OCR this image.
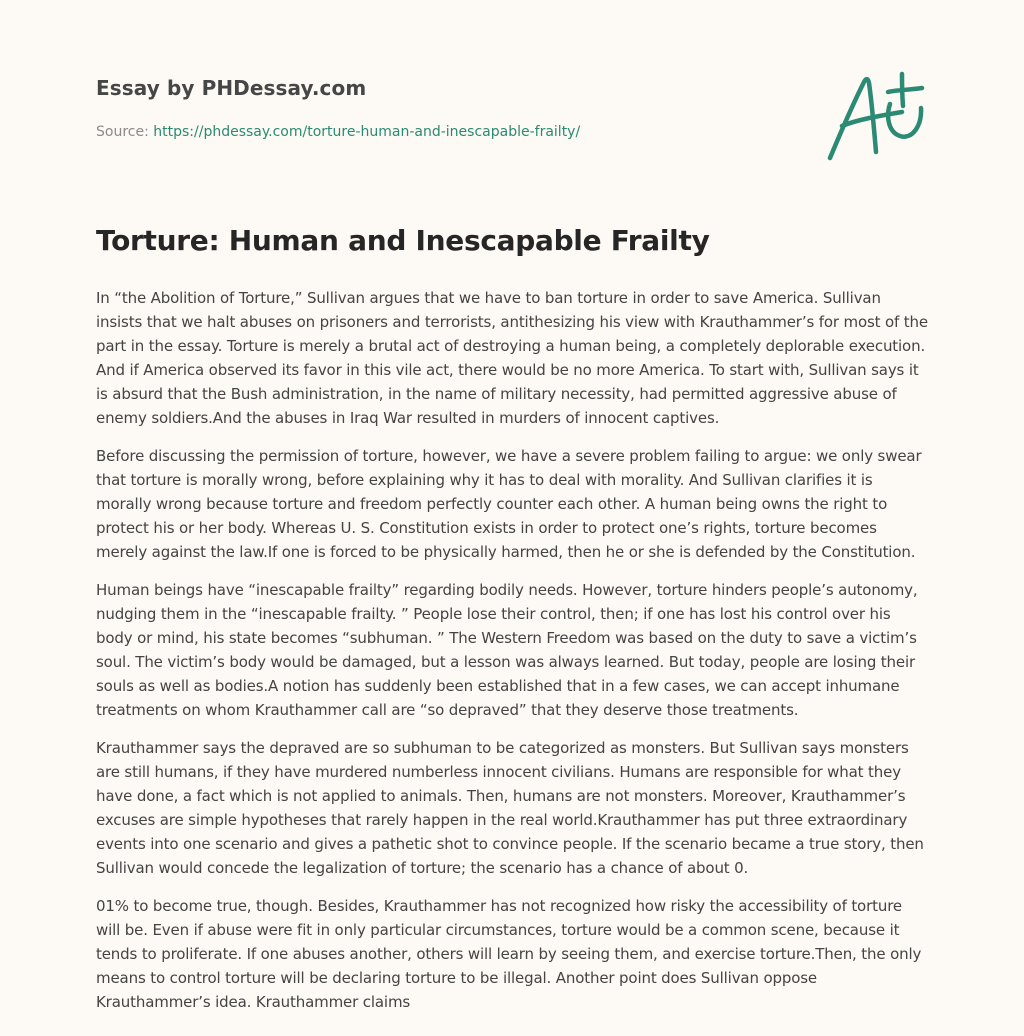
Essay by PHDessay.com
Source: https://phdessay.com/torture-human-and-inescapable-frailty/
Torture: Human and Inescapable Frailty

In “the Abolition of Torture,” Sullivan argues that we have to ban torture in order to save America. Sullivan insists that we halt abuses on prisoners and terrorists, antithesizing his view with Krauthammer’s for most of the part in the essay. Torture is merely a brutal act of destroying a human being, a completely deplorable execution. And if America observed its favor in this vile act, there would be no more America. To start with, Sullivan says it is absurd that the Bush administration, in the name of military necessity, had permitted aggressive abuse of enemy soldiers.And the abuses in Iraq War resulted in murders of innocent captives.

Before discussing the permission of torture, however, we have a severe problem failing to argue: we only swear that torture is morally wrong, before explaining why it has to deal with morality. And Sullivan clarifies it is morally wrong because torture and freedom perfectly counter each other. A human being owns the right to protect his or her body. Whereas U. S. Constitution exists in order to protect one’s rights, torture becomes merely against the law.If one is forced to be physically harmed, then he or she is defended by the Constitution.

Human beings have “inescapable frailty” regarding bodily needs. However, torture hinders people’s autonomy, nudging them in the “inescapable frailty. ” People lose their control, then; if one has lost his control over his body or mind, his state becomes “subhuman. ” The Western Freedom was based on the duty to save a victim’s soul. The victim’s body would be damaged, but a lesson was always learned. But today, people are losing their souls as well as bodies.A notion has suddenly been established that in a few cases, we can accept inhumane treatments on whom Krauthammer call are “so depraved” that they deserve those treatments.

Krauthammer says the depraved are so subhuman to be categorized as monsters. But Sullivan says monsters are still humans, if they have murdered numberless innocent civilians. Humans are responsible for what they have done, a fact which is not applied to animals. Then, humans are not monsters. Moreover, Krauthammer’s excuses are simple hypotheses that rarely happen in the real world.Krauthammer has put three extraordinary events into one scenario and gives a pathetic shot to convince people. If the scenario became a true story, then Sullivan would concede the legalization of torture; the scenario has a chance of about 0.

01% to become true, though. Besides, Krauthammer has not recognized how risky the accessibility of torture will be. Even if abuse were fit in only particular circumstances, torture would be a common scene, because it tends to proliferate. If one abuses another, others will learn by seeing them, and exercise torture.Then, the only means to control torture will be declaring torture to be illegal. Another point does Sullivan oppose Krauthammer’s idea. Krauthammer claims
